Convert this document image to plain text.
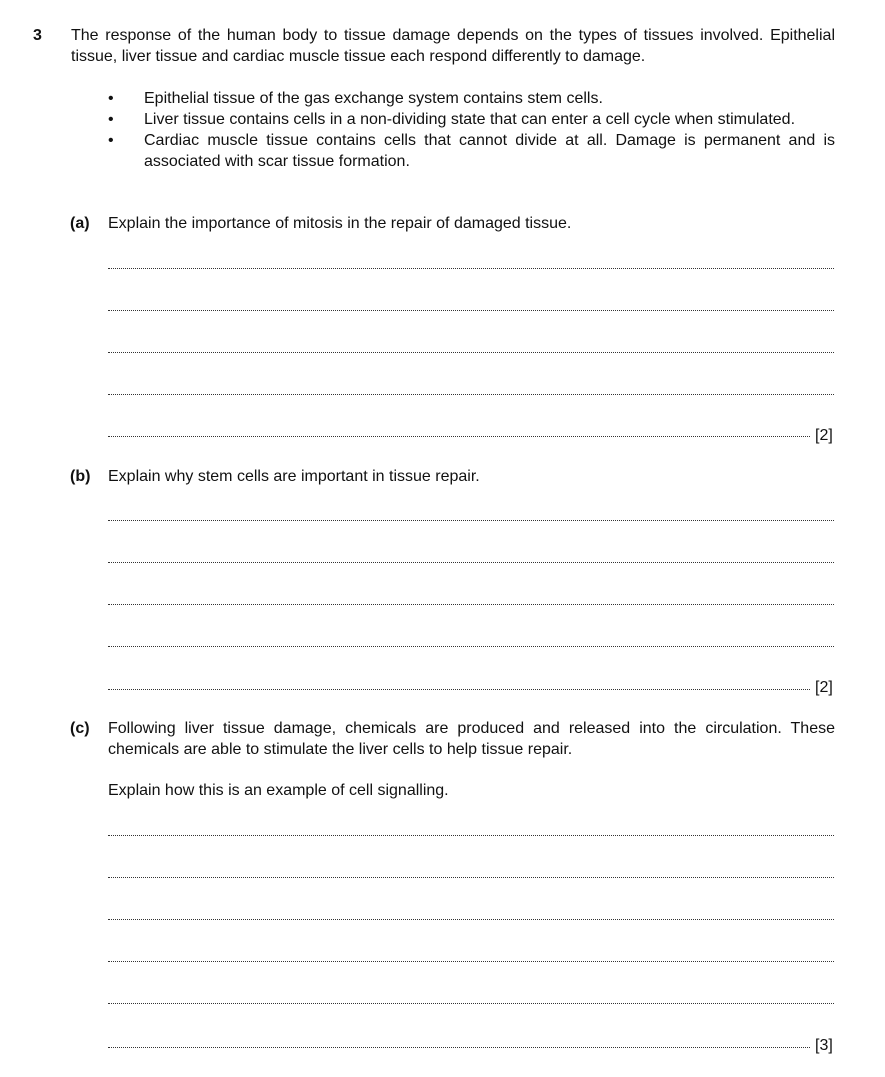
3 The response of the human body to tissue damage depends on the types of tissues involved. Epithelial tissue, liver tissue and cardiac muscle tissue each respond differently to damage.

• Epithelial tissue of the gas exchange system contains stem cells.
• Liver tissue contains cells in a non-dividing state that can enter a cell cycle when stimulated.
• Cardiac muscle tissue contains cells that cannot divide at all. Damage is permanent and is associated with scar tissue formation.
(a) Explain the importance of mitosis in the repair of damaged tissue.

[2]
(b) Explain why stem cells are important in tissue repair.

[2]
(c) Following liver tissue damage, chemicals are produced and released into the circulation. These chemicals are able to stimulate the liver cells to help tissue repair.

Explain how this is an example of cell signalling.

[3]
